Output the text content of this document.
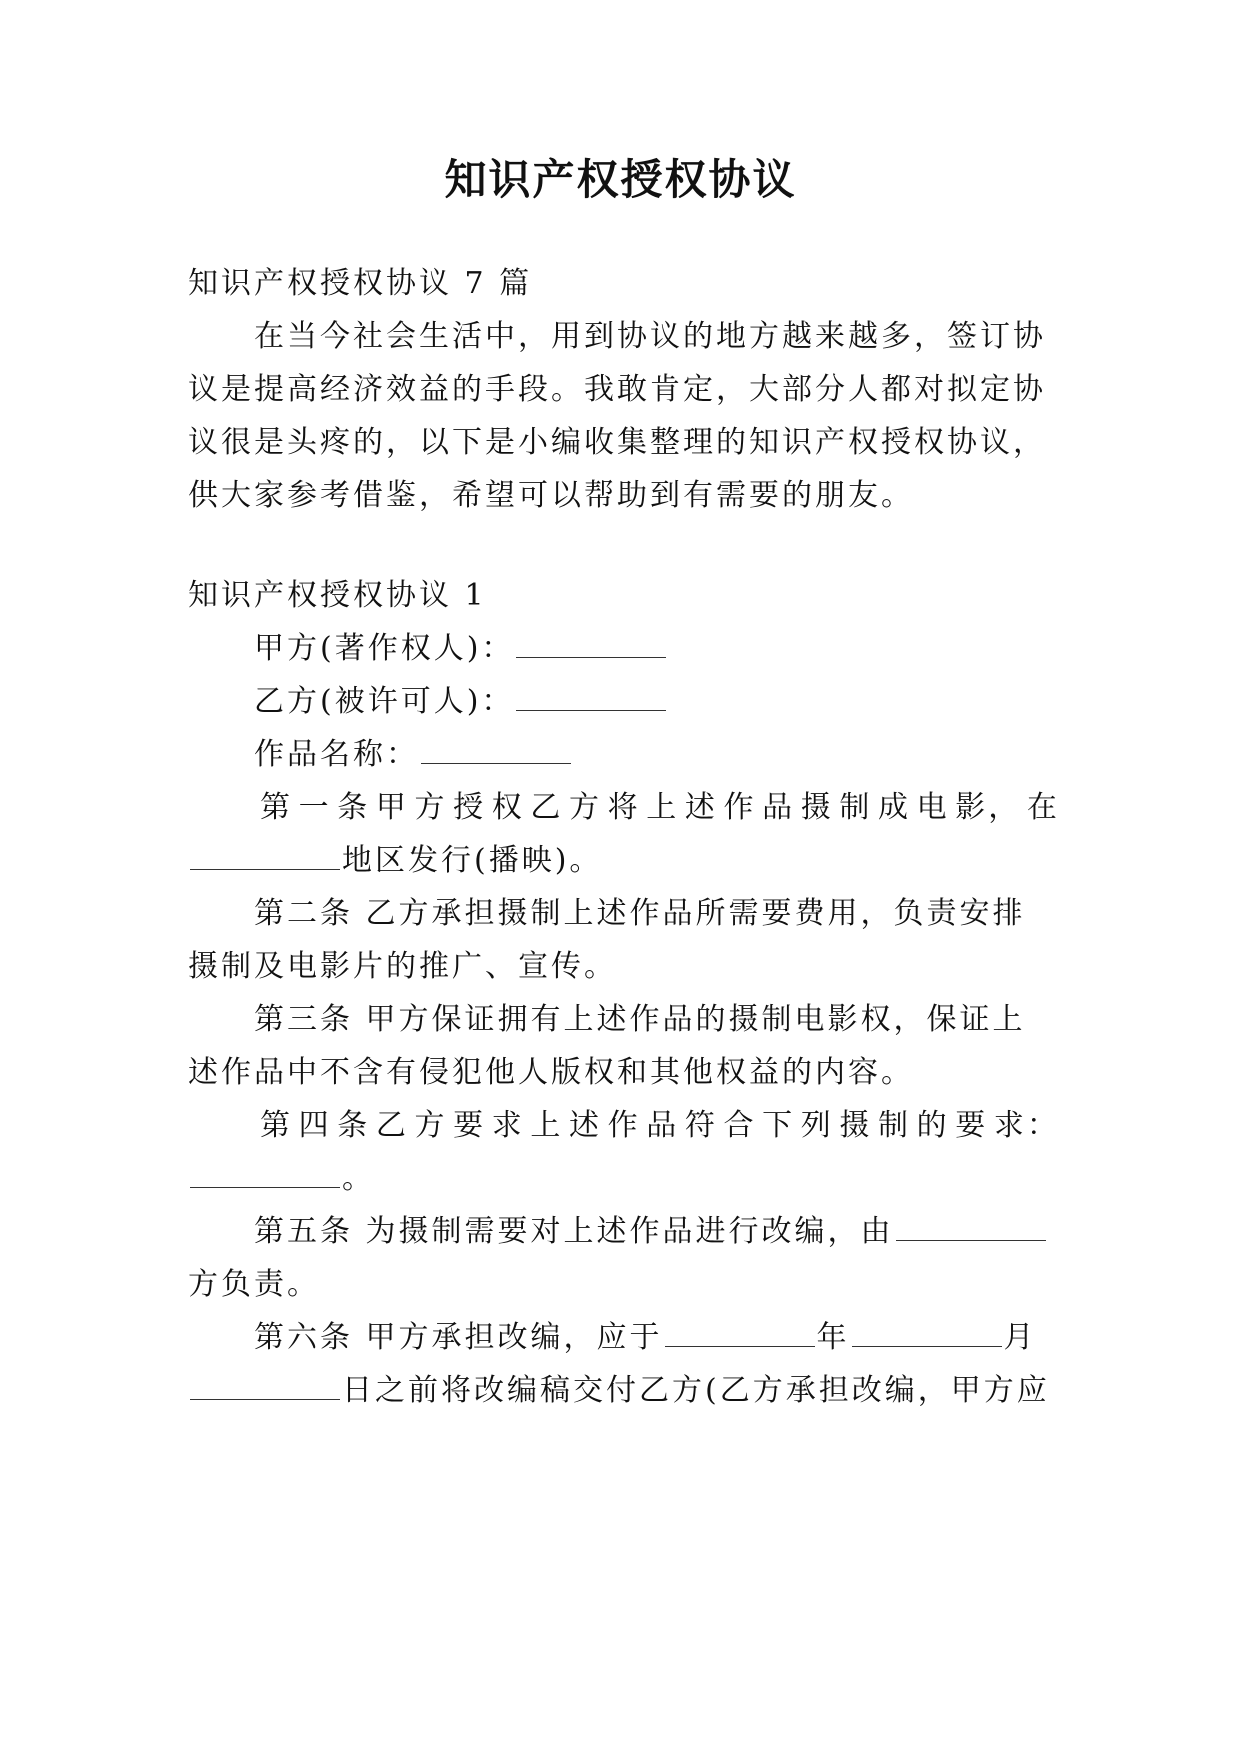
知识产权授权协议

知识产权授权协议 7 篇

在当今社会生活中，用到协议的地方越来越多，签订协

议是提高经济效益的手段。我敢肯定，大部分人都对拟定协

议很是头疼的，以下是小编收集整理的知识产权授权协议，

供大家参考借鉴，希望可以帮助到有需要的朋友。

知识产权授权协议 1

甲方(著作权人)：

乙方(被许可人)：

作品名称：

第 一 条 甲 方 授 权 乙 方 将 上 述 作 品 摄 制 成 电 影， 在

地区发行(播映)。

第二条 乙方承担摄制上述作品所需要费用，负责安排

摄制及电影片的推广、宣传。

第三条 甲方保证拥有上述作品的摄制电影权，保证上

述作品中不含有侵犯他人版权和其他权益的内容。

第 四 条 乙 方 要 求 上 述 作 品 符 合 下 列 摄 制 的 要 求：

。

第五条 为摄制需要对上述作品进行改编，由

方负责。

第六条 甲方承担改编，应于	年	月

日之前将改编稿交付乙方(乙方承担改编，甲方应
